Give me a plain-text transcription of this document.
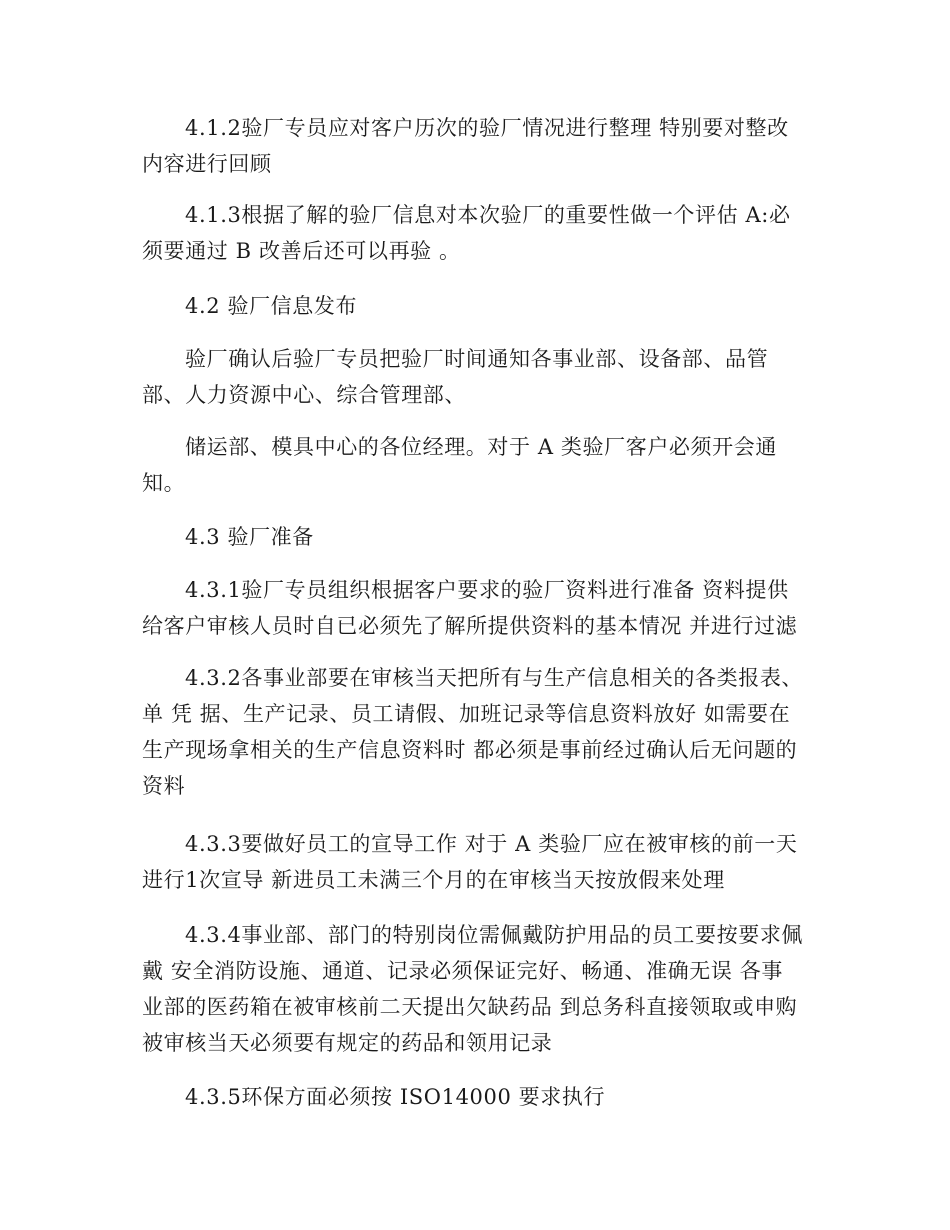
4.1.2验厂专员应对客户历次的验厂情况进行整理 特别要对整改
内容进行回顾
4.1.3根据了解的验厂信息对本次验厂的重要性做一个评估 A:必
须要通过 B 改善后还可以再验 。
4.2 验厂信息发布
验厂确认后验厂专员把验厂时间通知各事业部、设备部、品管
部、人力资源中心、综合管理部、
储运部、模具中心的各位经理。对于 A 类验厂客户必须开会通
知。
4.3 验厂准备
4.3.1验厂专员组织根据客户要求的验厂资料进行准备 资料提供
给客户审核人员时自已必须先了解所提供资料的基本情况 并进行过滤
4.3.2各事业部要在审核当天把所有与生产信息相关的各类报表、
单 凭 据、生产记录、员工请假、加班记录等信息资料放好 如需要在
生产现场拿相关的生产信息资料时 都必须是事前经过确认后无问题的
资料
4.3.3要做好员工的宣导工作 对于 A 类验厂应在被审核的前一天
进行1次宣导 新进员工未满三个月的在审核当天按放假来处理
4.3.4事业部、部门的特别岗位需佩戴防护用品的员工要按要求佩
戴 安全消防设施、通道、记录必须保证完好、畅通、准确无误 各事
业部的医药箱在被审核前二天提出欠缺药品 到总务科直接领取或申购
被审核当天必须要有规定的药品和领用记录
4.3.5环保方面必须按 ISO14000 要求执行
